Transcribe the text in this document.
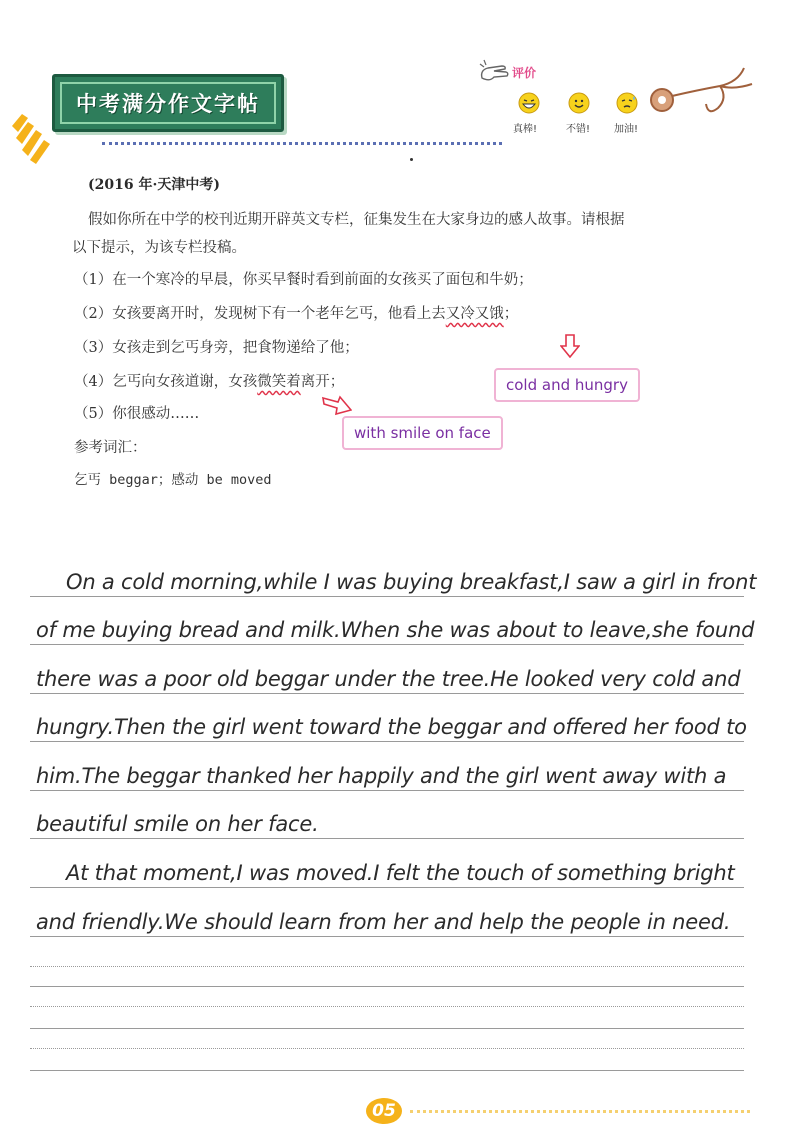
中考满分作文字帖
评价
真棒!	不错! 加油!
(2016 年·天津中考)
假如你所在中学的校刊近期开辟英文专栏，征集发生在大家身边的感人故事。请根据
以下提示，为该专栏投稿。
（1）在一个寒冷的早晨，你买早餐时看到前面的女孩买了面包和牛奶；
（2）女孩要离开时，发现树下有一个老年乞丐，他看上去又冷又饿；
（3）女孩走到乞丐身旁，把食物递给了他；
（4）乞丐向女孩道谢，女孩微笑着离开；
（5）你很感动……
参考词汇：
乞丐 beggar；感动 be moved
cold and hungry
with smile on face
On a cold morning,while I was buying breakfast,I saw a girl in front
of me buying bread and milk.When she was about to leave,she found
there was a poor old beggar under the tree.He looked very cold and
hungry.Then the girl went toward the beggar and offered her food to
him.The beggar thanked her happily and the girl went away with a
beautiful smile on her face.
At that moment,I was moved.I felt the touch of something bright
and friendly.We should learn from her and help the people in need.
05
